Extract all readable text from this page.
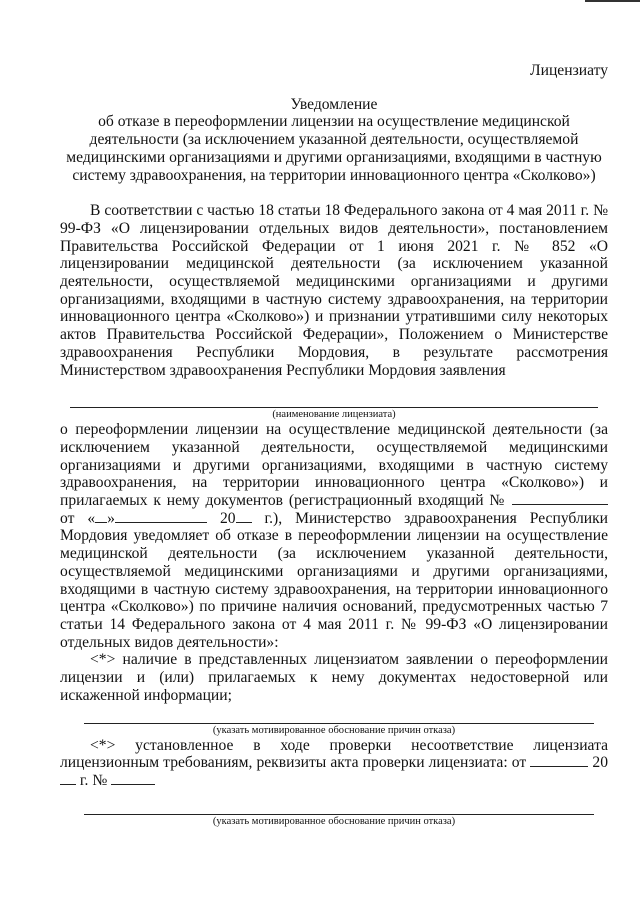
Лицензиату
Уведомление
об отказе в переоформлении лицензии на осуществление медицинской деятельности (за исключением указанной деятельности, осуществляемой медицинскими организациями и другими организациями, входящими в частную систему здравоохранения, на территории инновационного центра «Сколково»)
В соответствии с частью 18 статьи 18 Федерального закона от 4 мая 2011 г. № 99-ФЗ «О лицензировании отдельных видов деятельности», постановлением Правительства Российской Федерации от 1 июня 2021 г. № 852 «О лицензировании медицинской деятельности (за исключением указанной деятельности, осуществляемой медицинскими организациями и другими организациями, входящими в частную систему здравоохранения, на территории инновационного центра «Сколково») и признании утратившими силу некоторых актов Правительства Российской Федерации», Положением о Министерстве здравоохранения Республики Мордовия, в результате рассмотрения Министерством здравоохранения Республики Мордовия заявления
(наименование лицензиата)
о переоформлении лицензии на осуществление медицинской деятельности (за исключением указанной деятельности, осуществляемой медицинскими организациями и другими организациями, входящими в частную систему здравоохранения, на территории инновационного центра «Сколково») и прилагаемых к нему документов (регистрационный входящий №  от « »	20 г.), Министерство здравоохранения Республики Мордовия уведомляет об отказе в переоформлении лицензии на осуществление медицинской деятельности (за исключением указанной деятельности, осуществляемой медицинскими организациями и другими организациями, входящими в частную систему здравоохранения, на территории инновационного центра «Сколково») по причине наличия оснований, предусмотренных частью 7 статьи 14 Федерального закона от 4 мая 2011 г. № 99-ФЗ «О лицензировании отдельных видов деятельности»:
<*> наличие в представленных лицензиатом заявлении о переоформлении лицензии и (или) прилагаемых к нему документах недостоверной или искаженной информации;
(указать мотивированное обоснование причин отказа)
<*> установленное в ходе проверки несоответствие лицензиата лицензионным требованиям, реквизиты акта проверки лицензиата: от	20 г. №
(указать мотивированное обоснование причин отказа)
